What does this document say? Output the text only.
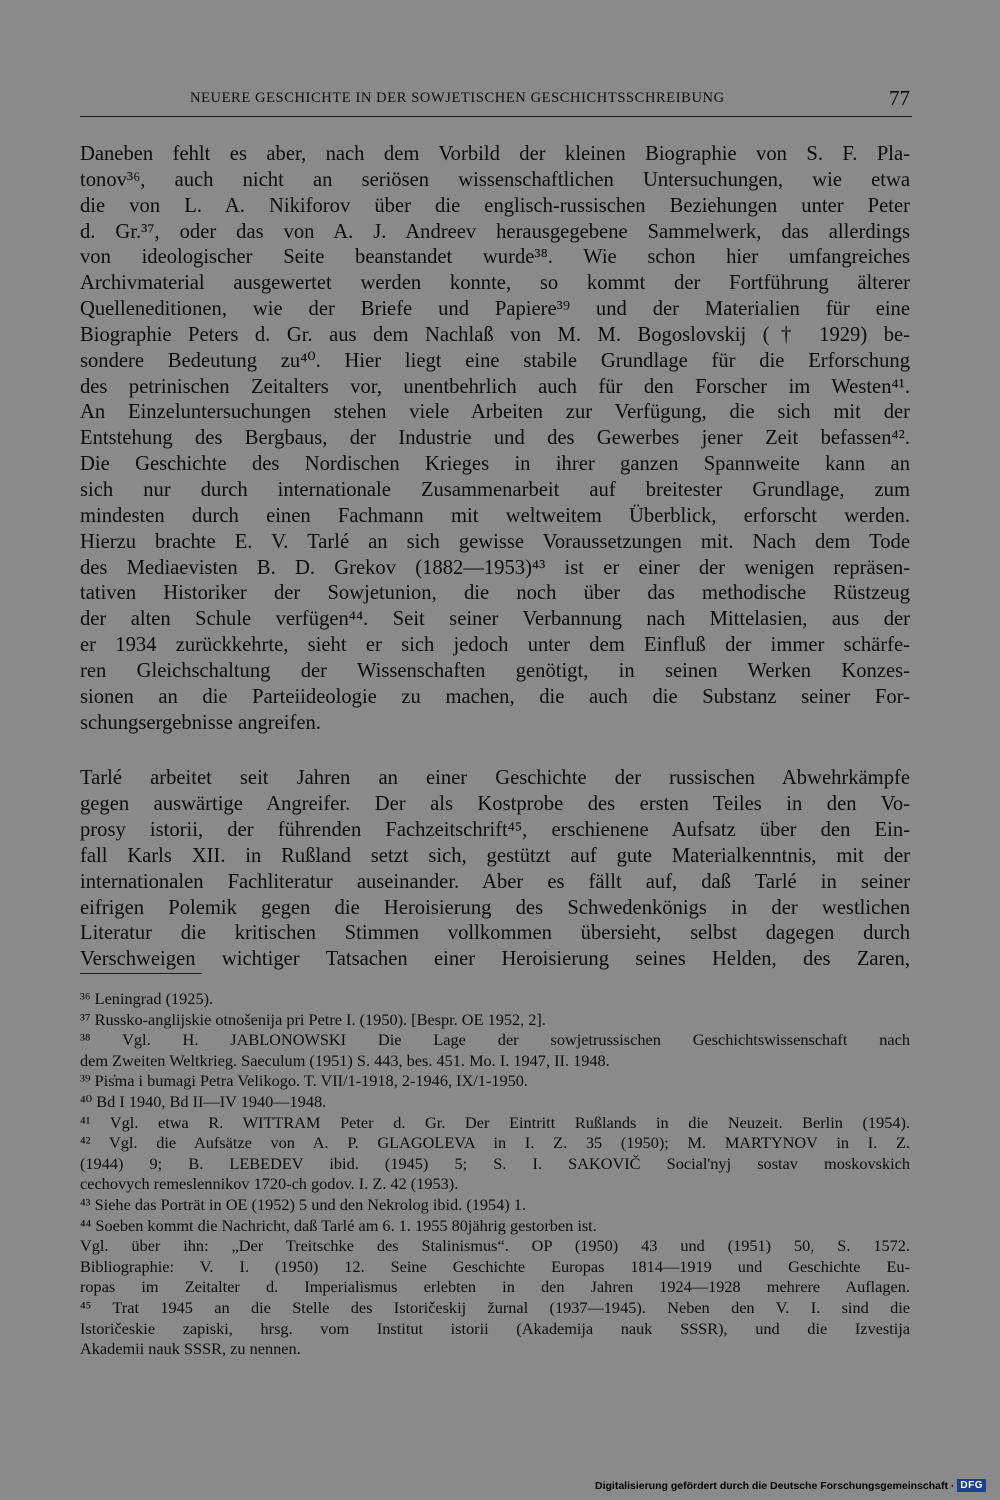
NEUERE GESCHICHTE IN DER SOWJETISCHEN GESCHICHTSSCHREIBUNG	77
Daneben fehlt es aber, nach dem Vorbild der kleinen Biographie von S. F. Pla-
tonov³⁶, auch nicht an seriösen wissenschaftlichen Untersuchungen, wie etwa
die von L. A. Nikiforov über die englisch-russischen Beziehungen unter Peter
d. Gr.³⁷, oder das von A. J. Andreev herausgegebene Sammelwerk, das allerdings
von ideologischer Seite beanstandet wurde³⁸. Wie schon hier umfangreiches
Archivmaterial ausgewertet werden konnte, so kommt der Fortführung älterer
Quelleneditionen, wie der Briefe und Papiere³⁹ und der Materialien für eine
Biographie Peters d. Gr. aus dem Nachlaß von M. M. Bogoslovskij († 1929) be-
sondere Bedeutung zu⁴⁰. Hier liegt eine stabile Grundlage für die Erforschung
des petrinischen Zeitalters vor, unentbehrlich auch für den Forscher im Westen⁴¹.
An Einzeluntersuchungen stehen viele Arbeiten zur Verfügung, die sich mit der
Entstehung des Bergbaus, der Industrie und des Gewerbes jener Zeit befassen⁴².
Die Geschichte des Nordischen Krieges in ihrer ganzen Spannweite kann an
sich nur durch internationale Zusammenarbeit auf breitester Grundlage, zum
mindesten durch einen Fachmann mit weltweitem Überblick, erforscht werden.
Hierzu brachte E. V. Tarlé an sich gewisse Voraussetzungen mit. Nach dem Tode
des Mediaevisten B. D. Grekov (1882—1953)⁴³ ist er einer der wenigen repräsen-
tativen Historiker der Sowjetunion, die noch über das methodische Rüstzeug
der alten Schule verfügen⁴⁴. Seit seiner Verbannung nach Mittelasien, aus der
er 1934 zurückkehrte, sieht er sich jedoch unter dem Einfluß der immer schärfe-
ren Gleichschaltung der Wissenschaften genötigt, in seinen Werken Konzes-
sionen an die Parteiideologie zu machen, die auch die Substanz seiner For-
schungsergebnisse angreifen.
Tarlé arbeitet seit Jahren an einer Geschichte der russischen Abwehrkämpfe
gegen auswärtige Angreifer. Der als Kostprobe des ersten Teiles in den Vo-
prosy istorii, der führenden Fachzeitschrift⁴⁵, erschienene Aufsatz über den Ein-
fall Karls XII. in Rußland setzt sich, gestützt auf gute Materialkenntnis, mit der
internationalen Fachliteratur auseinander. Aber es fällt auf, daß Tarlé in seiner
eifrigen Polemik gegen die Heroisierung des Schwedenkönigs in der westlichen
Literatur die kritischen Stimmen vollkommen übersieht, selbst dagegen durch
Verschweigen wichtiger Tatsachen einer Heroisierung seines Helden, des Zaren,
³⁶ Leningrad (1925).
³⁷ Russko-anglijskie otnošenija pri Petre I. (1950). [Bespr. OE 1952, 2].
³⁸ Vgl. H. JABLONOWSKI Die Lage der sowjetrussischen Geschichtswissenschaft nach
dem Zweiten Weltkrieg. Saeculum (1951) S. 443, bes. 451. Mo. I. 1947, II. 1948.
³⁹ Pis̓ma i bumagi Petra Velikogo. T. VII/1-1918, 2-1946, IX/1-1950.
⁴⁰ Bd I 1940, Bd II—IV 1940—1948.
⁴¹ Vgl. etwa R. WITTRAM Peter d. Gr. Der Eintritt Rußlands in die Neuzeit. Berlin (1954).
⁴² Vgl. die Aufsätze von A. P. GLAGOLEVA in I. Z. 35 (1950); M. MARTYNOV in I. Z.
(1944) 9; B. LEBEDEV ibid. (1945) 5; S. I. SAKOVIČ Social'nyj sostav moskovskich
cechovych remeslennikov 1720-ch godov. I. Z. 42 (1953).
⁴³ Siehe das Porträt in OE (1952) 5 und den Nekrolog ibid. (1954) 1.
⁴⁴ Soeben kommt die Nachricht, daß Tarlé am 6. 1. 1955 80jährig gestorben ist.
Vgl. über ihn: „Der Treitschke des Stalinismus“. OP (1950) 43 und (1951) 50, S. 1572.
Bibliographie: V. I. (1950) 12. Seine Geschichte Europas 1814—1919 und Geschichte Eu-
ropas im Zeitalter d. Imperialismus erlebten in den Jahren 1924—1928 mehrere Auflagen.
⁴⁵ Trat 1945 an die Stelle des Istoričeskij žurnal (1937—1945). Neben den V. I. sind die
Istoričeskie zapiski, hrsg. vom Institut istorii (Akademija nauk SSSR), und die Izvestija
Akademii nauk SSSR, zu nennen.
Digitalisierung gefördert durch die Deutsche Forschungsgemeinschaft · DFG
